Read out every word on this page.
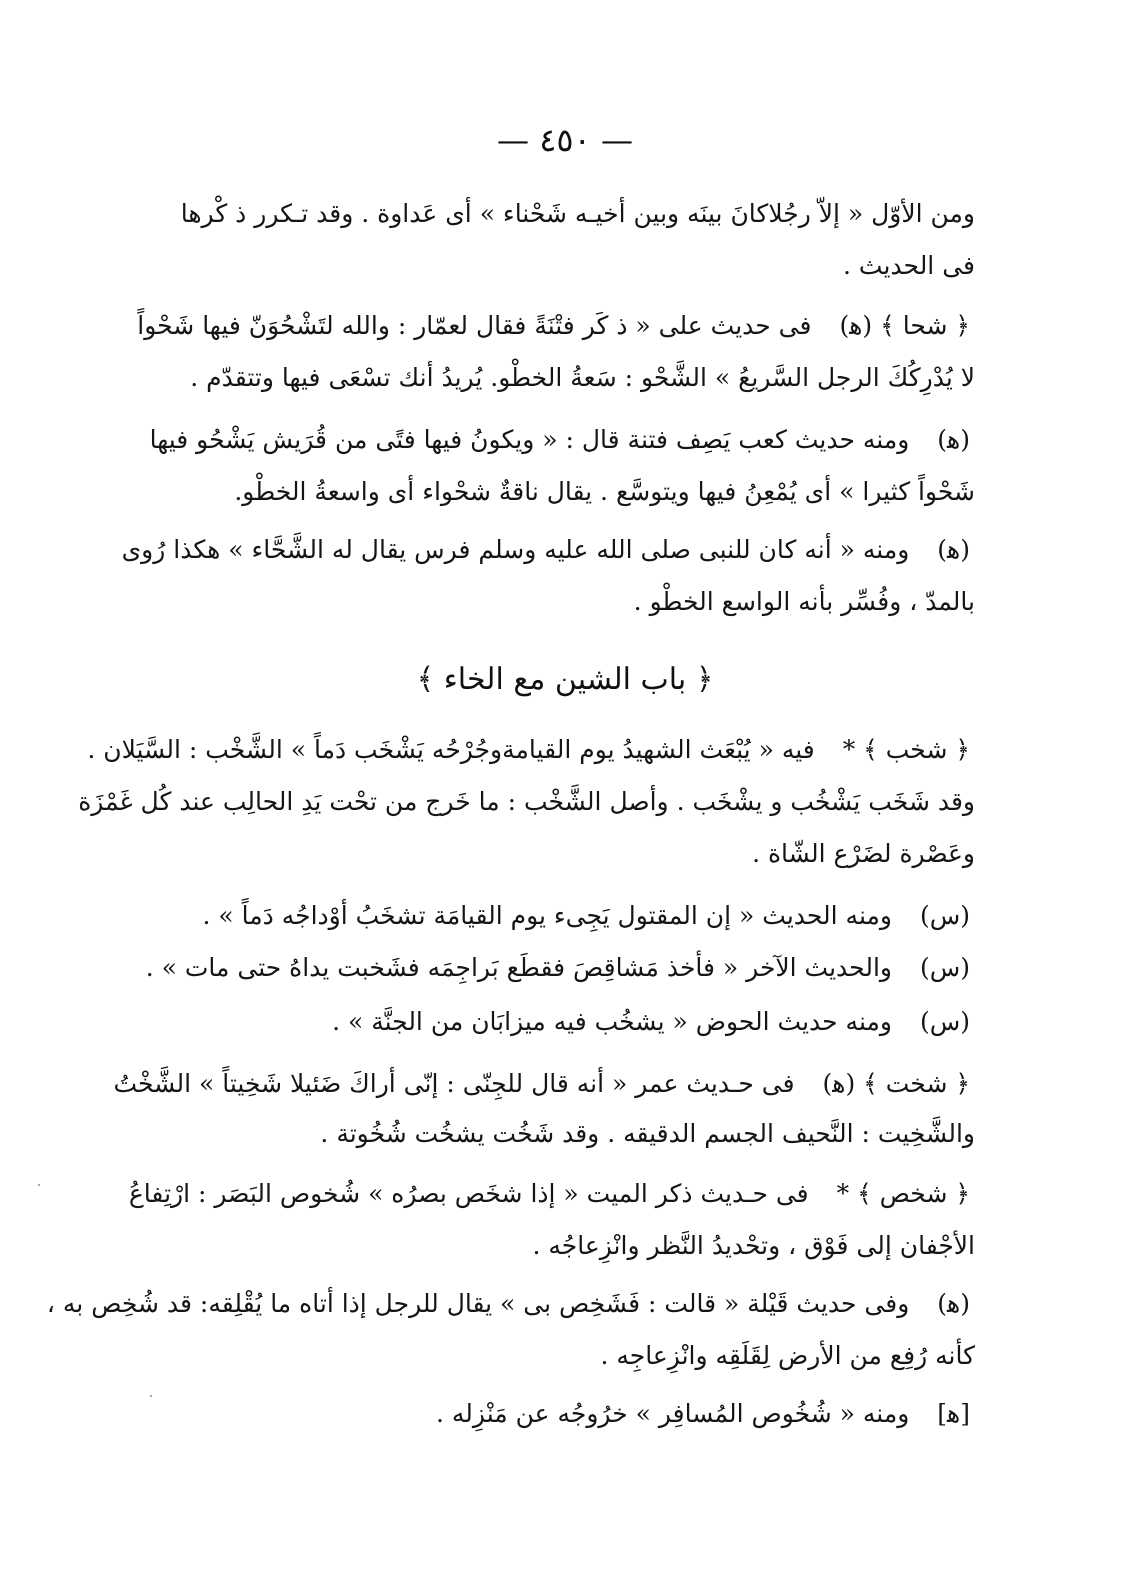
— ٤٥٠ —
ومن الأوّل « إلاّ رجُلاكانَ بينَه وبين أخيـه شَحْناء » أى عَداوة . وقد تـكرر ذ كْرها
فى الحديث .
﴿ شحا ﴾ (ﻫ)فى حديث على « ذ كَر فتْنَةً فقال لعمّار : والله لتَشْحُوَنّ فيها شَحْواً
لا يُدْرِكُكَ الرجل السَّريعُ » الشَّحْو : سَعةُ الخطْو. يُريدُ أنك تسْعَى فيها وتتقدّم .
(ﻫ)ومنه حديث كعب يَصِف فتنة قال : « ويكونُ فيها فتًى من قُرَيش يَشْحُو فيها
شَحْواً كثيرا » أى يُمْعِنُ فيها ويتوسَّع . يقال ناقةٌ شحْواء أى واسعةُ الخطْو.
(ﻫ)ومنه « أنه كان للنبى صلى الله عليه وسلم فرس يقال له الشَّحَّاء » هكذا رُوى
بالمدّ ، وفُسِّر بأنه الواسع الخطْو .
﴿ باب الشين مع الخاء ﴾
﴿ شخب ﴾ *فيه « يُبْعَث الشهيدُ يوم القيامةوجُرْحُه يَشْخَب دَماً » الشَّخْب : السَّيَلان .
وقد شَخَب يَشْخُب و يشْخَب . وأصل الشَّخْب : ما خَرج من تحْت يَدِ الحالِب عند كُل غَمْزَة
وعَصْرة لضَرْع الشّاة .
(س)ومنه الحديث « إن المقتول يَجِىء يوم القيامَة تشخَبُ أوْداجُه دَماً » .
(س)والحديث الآخر « فأخذ مَشاقِصَ فقطَع بَراجِمَه فشَخبت يداهُ حتى مات » .
(س)ومنه حديث الحوض « يشخُب فيه ميزابَان من الجنَّة » .
﴿ شخت ﴾ (ﻫ)فى حـديث عمر « أنه قال للجِنّى : إنّى أراكَ ضَئيلا شَخِيتاً » الشَّخْتُ
والشَّخِيت : النَّحيف الجسم الدقيقه . وقد شَخُت يشخُت شُخُوتة .
﴿ شخص ﴾ *فى حـديث ذكر الميت « إذا شخَص بصرُه » شُخوص البَصَر : ارْتِفاعُ
الأجْفان إلى فَوْق ، وتحْديدُ النَّظر وانْزِعاجُه .
(ﻫ)وفى حديث قَيْلة « قالت : فَشَخِص بى » يقال للرجل إذا أتاه ما يُقْلِقه: قد شُخِص به ،
كأنه رُفِع من الأرض لِقَلَقِه وانْزِعاجِه .
[ﻫ]ومنه « شُخُوص المُسافِر » خرُوجُه عن مَنْزِله .
